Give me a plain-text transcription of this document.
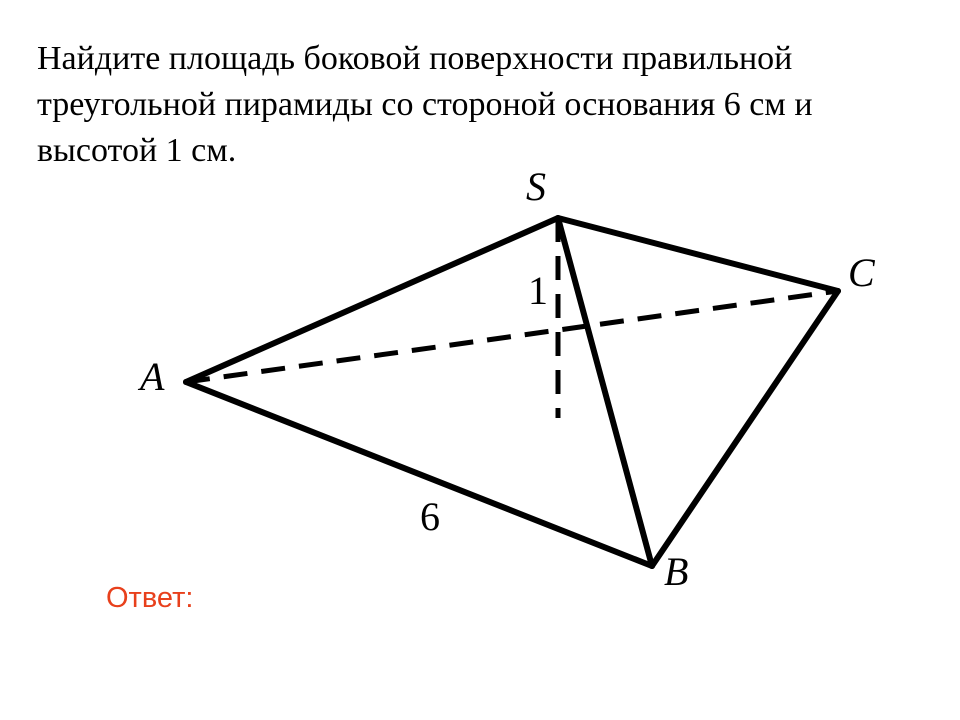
Найдите площадь боковой поверхности правильной треугольной пирамиды со стороной основания 6 см и высотой 1 см.

S
A
B
C
1
6
Ответ:
